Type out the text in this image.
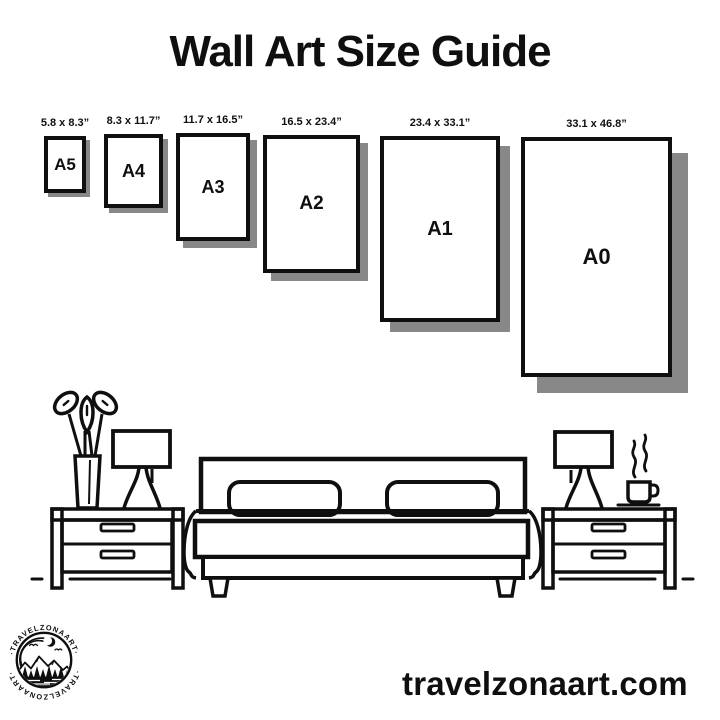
Wall Art Size Guide
A5
5.8 x 8.3”
A4
8.3 x 11.7”
A3
11.7 x 16.5”
A2
16.5 x 23.4”
A1
23.4 x 33.1”
A0
33.1 x 46.8”
·TRAVELZONAART·
·TRAVELZONAART·	travelzonaart.com
